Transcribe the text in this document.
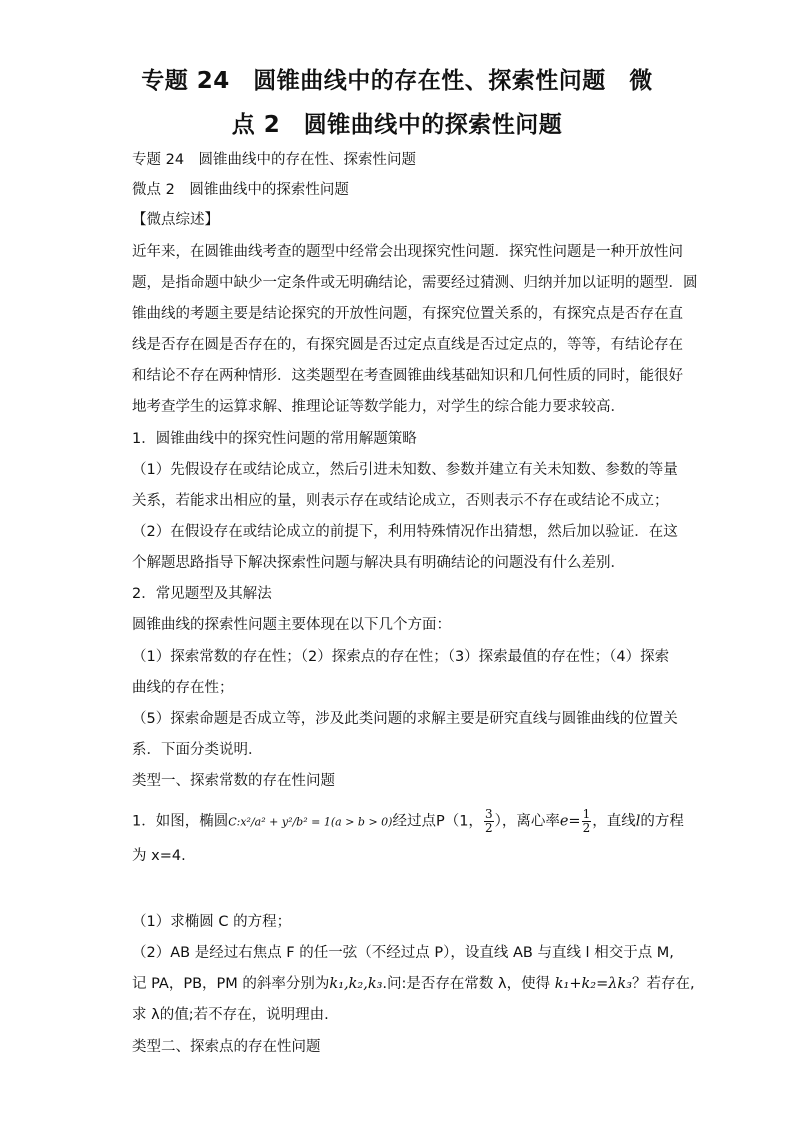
专题 24　圆锥曲线中的存在性、探索性问题　微
点 2　圆锥曲线中的探索性问题
专题 24　圆锥曲线中的存在性、探索性问题
微点 2　圆锥曲线中的探索性问题
【微点综述】
近年来，在圆锥曲线考查的题型中经常会出现探究性问题．探究性问题是一种开放性问
题，是指命题中缺少一定条件或无明确结论，需要经过猜测、归纳并加以证明的题型．圆
锥曲线的考题主要是结论探究的开放性问题，有探究位置关系的，有探究点是否存在直
线是否存在圆是否存在的，有探究圆是否过定点直线是否过定点的，等等，有结论存在
和结论不存在两种情形．这类题型在考查圆锥曲线基础知识和几何性质的同时，能很好
地考查学生的运算求解、推理论证等数学能力，对学生的综合能力要求较高．
1．圆锥曲线中的探究性问题的常用解题策略
（1）先假设存在或结论成立，然后引进未知数、参数并建立有关未知数、参数的等量
关系，若能求出相应的量，则表示存在或结论成立，否则表示不存在或结论不成立；
（2）在假设存在或结论成立的前提下，利用特殊情况作出猜想，然后加以验证．在这
个解题思路指导下解决探索性问题与解决具有明确结论的问题没有什么差别．
2．常见题型及其解法
圆锥曲线的探索性问题主要体现在以下几个方面：
（1）探索常数的存在性；（2）探索点的存在性；（3）探索最值的存在性；（4）探索
曲线的存在性；
（5）探索命题是否成立等，涉及此类问题的求解主要是研究直线与圆锥曲线的位置关
系．下面分类说明．
类型一、探索常数的存在性问题
1．如图，椭圆C:x²/a² + y²/b² = 1(a > b > 0)经过点P（1， $\frac{3}{2}$ ），离心率$e= \frac{1}{2}$ ，直线l的方程
为 x=4.
（1）求椭圆 C 的方程；
（2）AB 是经过右焦点 F 的任一弦（不经过点 P），设直线 AB 与直线 l 相交于点 M,
记 PA，PB，PM 的斜率分别为k₁,k₂,k₃.问:是否存在常数 λ，使得 k₁+k₂=λk₃？若存在,
求 λ的值;若不存在，说明理由.
类型二、探索点的存在性问题
